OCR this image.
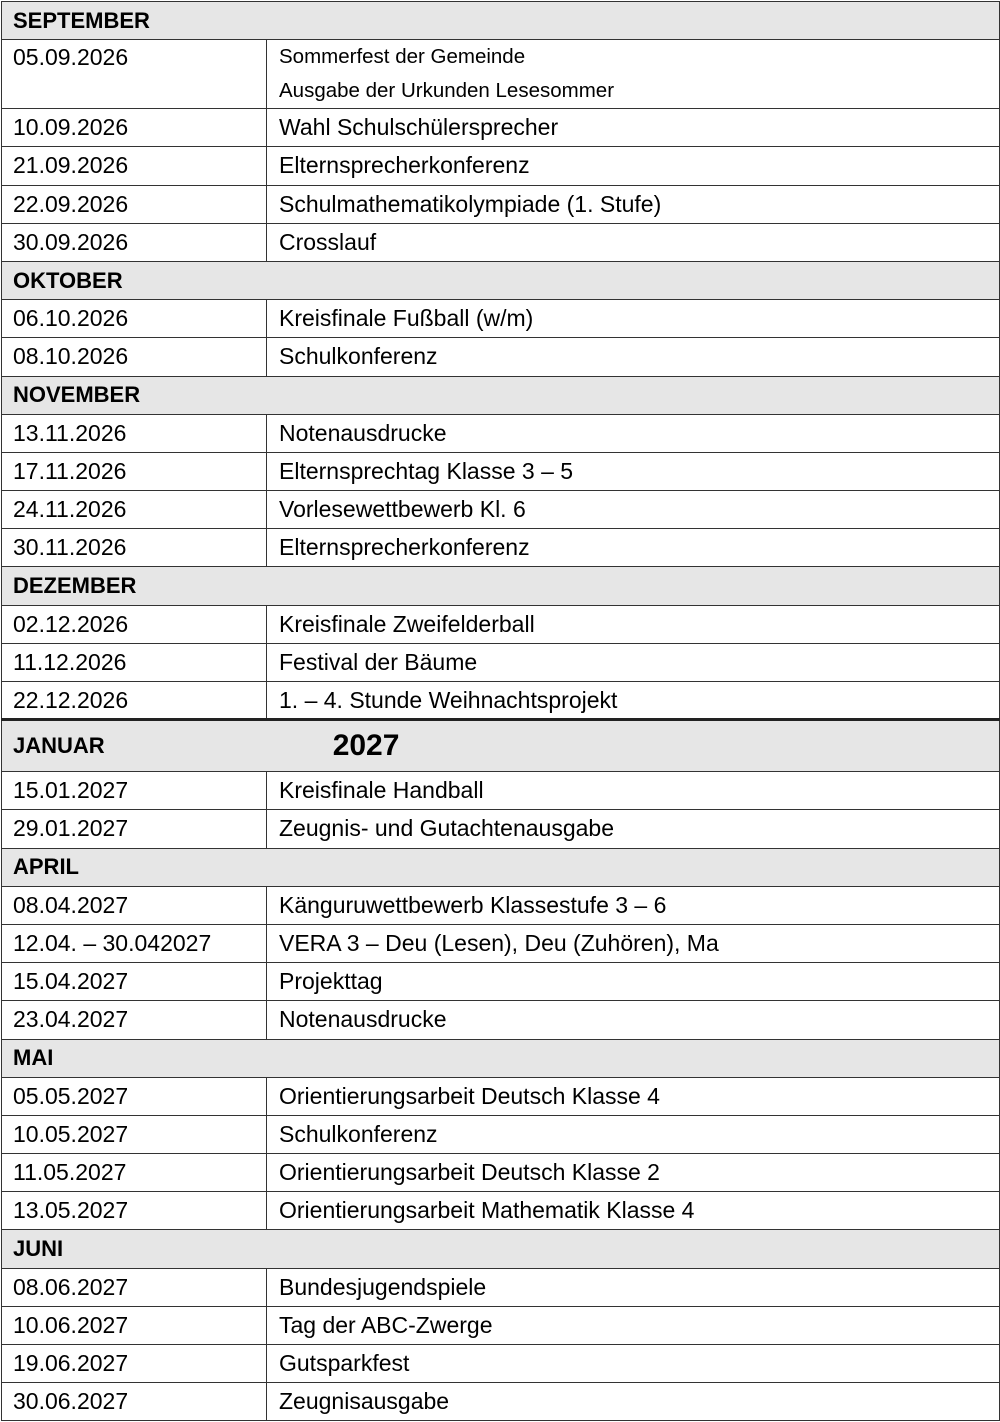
SEPTEMBER	
05.09.2026	Sommerfest der Gemeinde
Ausgabe der Urkunden Lesesommer

10.09.2026	Wahl Schulschülersprecher

21.09.2026	Elternsprecherkonferenz

22.09.2026	Schulmathematikolympiade (1. Stufe)

30.09.2026	Crosslauf

OKTOBER	
06.10.2026	Kreisfinale Fußball (w/m)

08.10.2026	Schulkonferenz

NOVEMBER	
13.11.2026	Notenausdrucke

17.11.2026	Elternsprechtag Klasse 3 – 5

24.11.2026	Vorlesewettbewerb Kl. 6

30.11.2026	Elternsprecherkonferenz

DEZEMBER	
02.12.2026	Kreisfinale Zweifelderball

11.12.2026	Festival der Bäume

22.12.2026	1. – 4. Stunde Weihnachtsprojekt

JANUAR 2027	
15.01.2027	Kreisfinale Handball

29.01.2027	Zeugnis- und Gutachtenausgabe

APRIL	
08.04.2027	Känguruwettbewerb Klassestufe 3 – 6

12.04. – 30.042027	VERA 3 – Deu (Lesen), Deu (Zuhören), Ma

15.04.2027	Projekttag

23.04.2027	Notenausdrucke

MAI	
05.05.2027	Orientierungsarbeit Deutsch Klasse 4

10.05.2027	Schulkonferenz

11.05.2027	Orientierungsarbeit Deutsch Klasse 2

13.05.2027	Orientierungsarbeit Mathematik Klasse 4

JUNI	
08.06.2027	Bundesjugendspiele

10.06.2027	Tag der ABC-Zwerge

19.06.2027	Gutsparkfest

30.06.2027	Zeugnisausgabe
